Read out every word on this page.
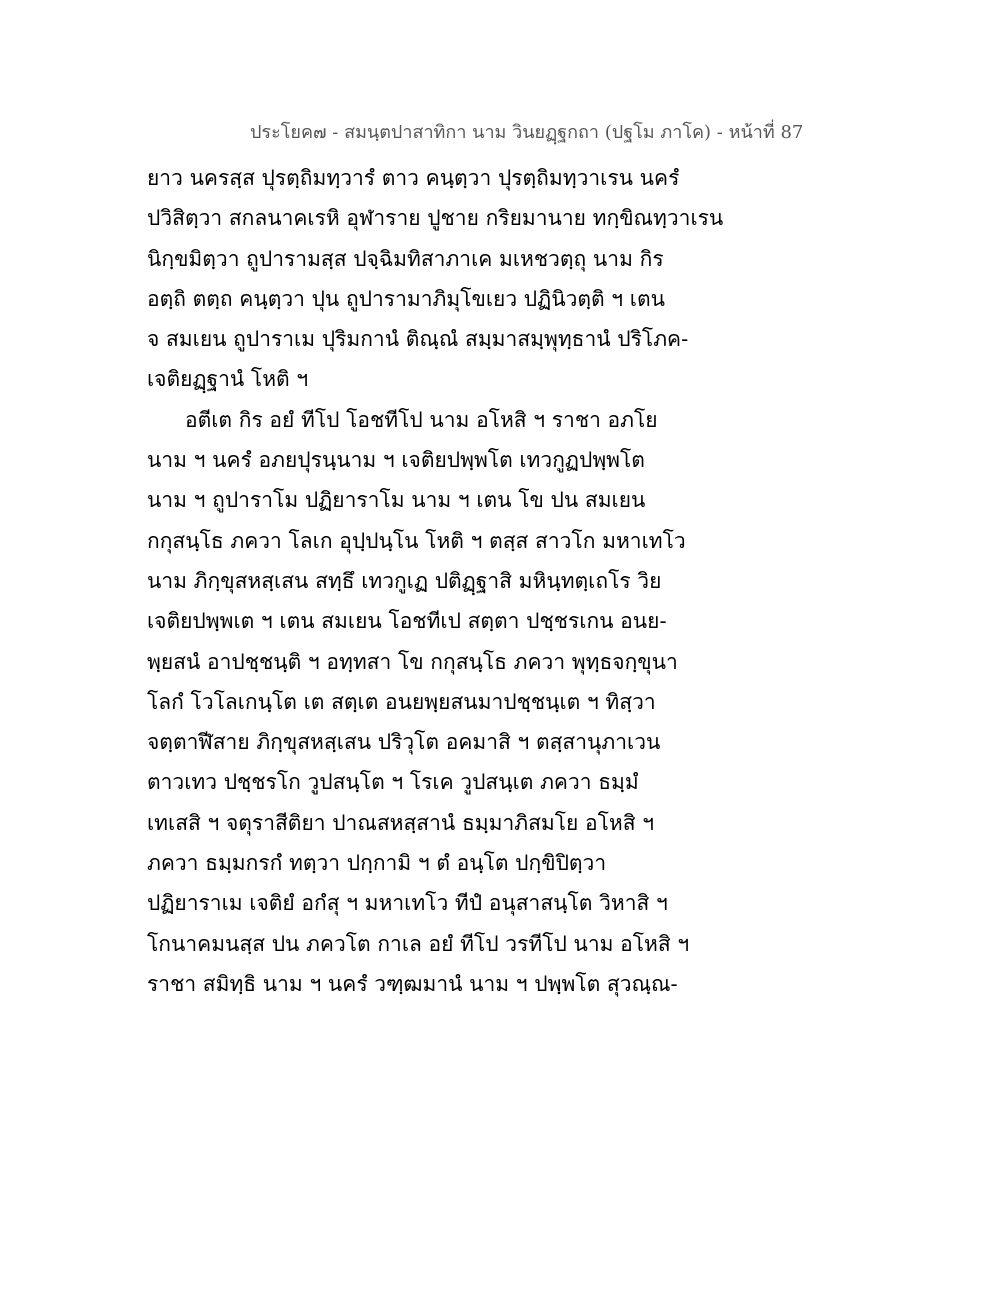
ประโยค๗ - สมนฺตปาสาทิกา นาม วินยฏฺฐกถา (ปฐโม ภาโค) - หน้าที่ 87
ยาว นครสฺส ปุรตฺถิมทฺวารํ ตาว คนฺตฺวา ปุรตฺถิมทฺวาเรน นครํ
ปวิสิตฺวา สกลนาคเรหิ อุฬาราย ปูชาย กริยมานาย ทกฺขิณทฺวาเรน
นิกฺขมิตฺวา ถูปารามสฺส ปจฺฉิมทิสาภาเค มเหชวตฺถุ นาม กิร
อตฺถิ ตตฺถ คนฺตฺวา ปุน ถูปารามาภิมุโขเยว ปฏินิวตฺติ ฯ เตน
จ สมเยน ถูปาราเม ปุริมกานํ ติณฺณํ สมฺมาสมฺพุทฺธานํ ปริโภค-
เจติยฏฺฐานํ โหติ ฯ
อตีเต กิร อยํ ทีโป โอชทีโป นาม อโหสิ ฯ ราชา อภโย
นาม ฯ นครํ อภยปุรนฺนาม ฯ เจติยปพฺพโต เทวกูฏปพฺพโต
นาม ฯ ถูปาราโม ปฏิยาราโม นาม ฯ เตน โข ปน สมเยน
กกุสนฺโธ ภควา โลเก อุปฺปนฺโน โหติ ฯ ตสฺส สาวโก มหาเทโว
นาม ภิกฺขุสหสฺเสน สทฺธึ เทวกูเฏ ปติฏฺฐาสิ มหินฺทตฺเถโร วิย
เจติยปพฺพเต ฯ เตน สมเยน โอชทีเป สตฺตา ปชฺชรเกน อนย-
พฺยสนํ อาปชฺชนฺติ ฯ อทฺทสา โข กกุสนฺโธ ภควา พุทฺธจกฺขุนา
โลกํ โวโลเกนฺโต เต สตฺเต อนยพฺยสนมาปชฺชนฺเต ฯ ทิสฺวา
จตฺตาฬีสาย ภิกฺขุสหสฺเสน ปริวุโต อคมาสิ ฯ ตสฺสานุภาเวน
ตาวเทว ปชฺชรโก วูปสนฺโต ฯ โรเค วูปสนฺเต ภควา ธมฺมํ
เทเสสิ ฯ จตุราสีติยา ปาณสหสฺสานํ ธมฺมาภิสมโย อโหสิ ฯ
ภควา ธมฺมกรกํ ทตฺวา ปกฺกามิ ฯ ตํ อนฺโต ปกฺขิปิตฺวา
ปฏิยาราเม เจติยํ อกํสุ ฯ มหาเทโว ทีปํ อนุสาสนฺโต วิหาสิ ฯ
โกนาคมนสฺส ปน ภควโต กาเล อยํ ทีโป วรทีโป นาม อโหสิ ฯ
ราชา สมิทฺธิ นาม ฯ นครํ วฑฺฒมานํ นาม ฯ ปพฺพโต สุวณฺณ-
